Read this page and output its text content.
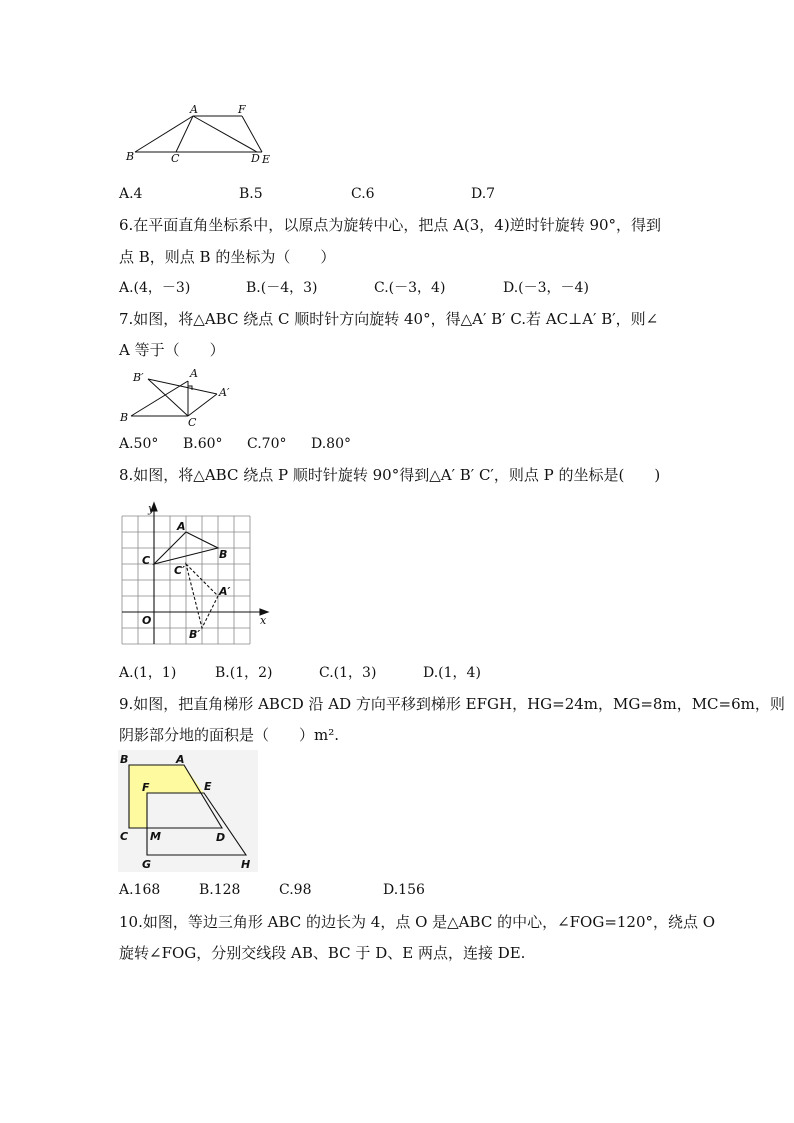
A	F
B	C	D E
A.4	B.5	C.6	D.7
6.在平面直角坐标系中，以原点为旋转中心，把点 A(3，4)逆时针旋转 90°，得到
点 B，则点 B 的坐标为（　　）
A.(4，－3)	B.(－4，3)	C.(－3，4)	D.(－3，－4)
7.如图，将△ABC 绕点 C 顺时针方向旋转 40°，得△A′ B′ C.若 AC⊥A′ B′，则∠
A 等于（　　）
B′	A
A′
B	C
A.50° B.60° C.70° D.80°
8.如图，将△ABC 绕点 P 顺时针旋转 90°得到△A′ B′ C′，则点 P 的坐标是(　　)
y
x
O
A
B
C
C′
A′
B′
A.(1，1)	B.(1，2)	C.(1，3)	D.(1，4)
9.如图，把直角梯形 ABCD 沿 AD 方向平移到梯形 EFGH，HG=24m，MG=8m，MC=6m，则
阴影部分地的面积是（　　）m².
B	A
F	E
C M	D
G	H
A.168	B.128	C.98	D.156
10.如图，等边三角形 ABC 的边长为 4，点 O 是△ABC 的中心，∠FOG=120°，绕点 O
旋转∠FOG，分别交线段 AB、BC 于 D、E 两点，连接 DE.
